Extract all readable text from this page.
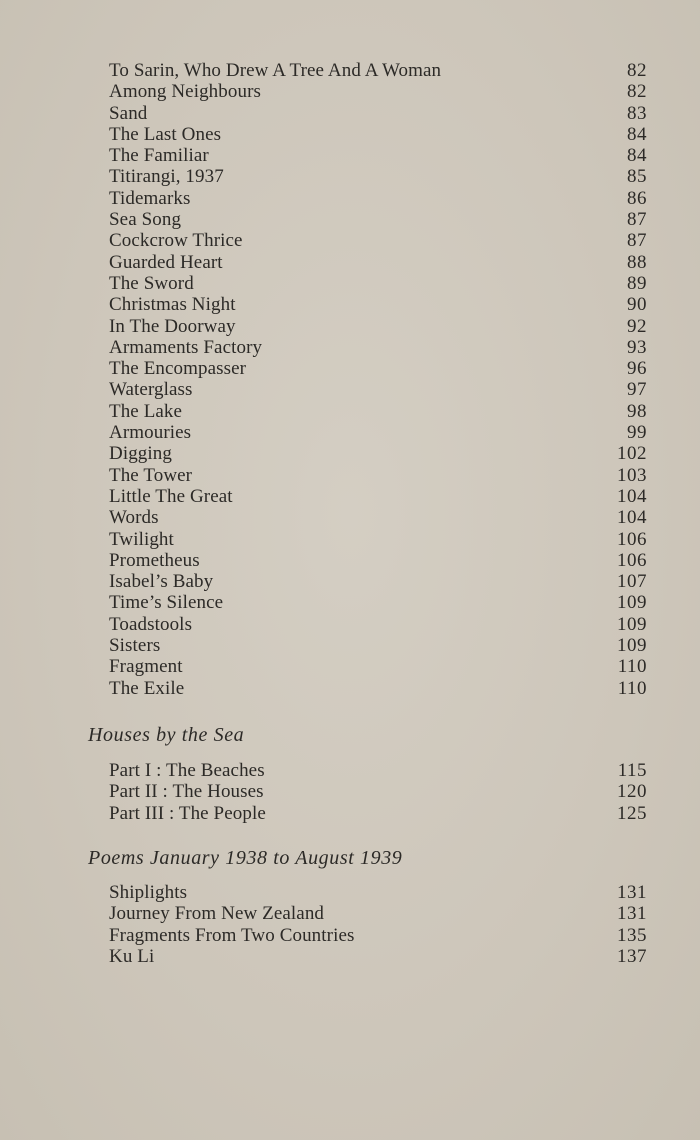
To Sarin, Who Drew A Tree And A Woman	82
Among Neighbours	82
Sand	83
The Last Ones	84
The Familiar	84
Titirangi, 1937	85
Tidemarks	86
Sea Song	87
Cockcrow Thrice	87
Guarded Heart	88
The Sword	89
Christmas Night	90
In The Doorway	92
Armaments Factory	93
The Encompasser	96
Waterglass	97
The Lake	98
Armouries	99
Digging	102
The Tower	103
Little The Great	104
Words	104
Twilight	106
Prometheus	106
Isabel’s Baby	107
Time’s Silence	109
Toadstools	109
Sisters	109
Fragment	110
The Exile	110
Houses by the Sea
Part I : The Beaches	115
Part II : The Houses	120
Part III : The People	125
Poems January 1938 to August 1939
Shiplights	131
Journey From New Zealand	131
Fragments From Two Countries	135
Ku Li	137
